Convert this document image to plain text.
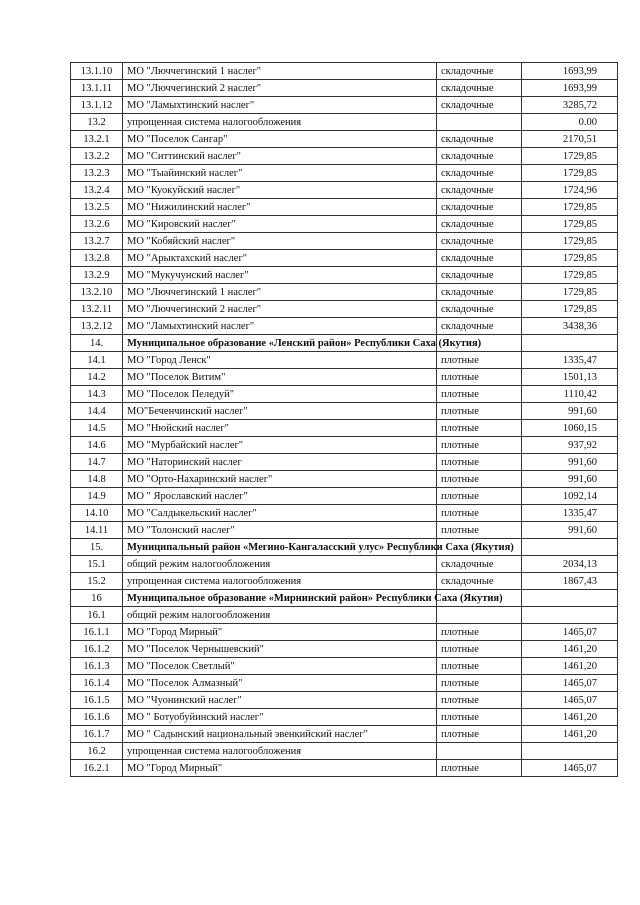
13.1.10	МО "Люччегинский 1 наслег"	складочные	1693,99
13.1.11	МО "Люччегинский 2 наслег"	складочные	1693,99
13.1.12	МО "Ламыхтинский наслег"	складочные	3285,72
13.2	упрощенная система налогообложения		0.00
13.2.1	МО "Поселок Сангар"	складочные	2170,51
13.2.2	МО "Ситтинский наслег"	складочные	1729,85
13.2.3	МО "Тыайинский наслег"	складочные	1729,85
13.2.4	МО "Куокуйский наслег"	складочные	1724,96
13.2.5	МО "Нижилинский наслег"	складочные	1729,85
13.2.6	МО "Кировский наслег"	складочные	1729,85
13.2.7	МО "Кобяйский наслег"	складочные	1729,85
13.2.8	МО "Арыктахский наслег"	складочные	1729,85
13.2.9	МО "Мукучунский наслег"	складочные	1729,85
13.2.10	МО "Люччегинский 1 наслег"	складочные	1729,85
13.2.11	МО "Люччегинский 2 наслег"	складочные	1729,85
13.2.12	МО "Ламыхтинский наслег"	складочные	3438,36
14.	Муниципальное образование «Ленский район» Республики Саха (Якутия)		
14.1	МО "Город Ленск"	плотные	1335,47
14.2	МО "Поселок Витим"	плотные	1501,13
14.3	МО "Поселок Пеледуй"	плотные	1110,42
14.4	МО"Беченчинский наслег"	плотные	991,60
14.5	МО "Нюйский наслег"	плотные	1060,15
14.6	МО "Мурбайский наслег"	плотные	937,92
14.7	МО "Наторинский наслег	плотные	991,60
14.8	МО "Орто-Нахаринский наслег"	плотные	991,60
14.9	МО " Ярославский наслег"	плотные	1092,14
14.10	МО "Салдыкельский наслег"	плотные	1335,47
14.11	МО "Толонский наслег"	плотные	991,60
15.	Муниципальный район «Мегино-Кангаласский улус» Республики Саха (Якутия)		
15.1	общий режим налогообложения	складочные	2034,13
15.2	упрощенная система налогообложения	складочные	1867,43
16	Муниципальное образование «Мирнинский район» Республики Саха (Якутия)		
16.1	общий режим налогообложения		
16.1.1	МО "Город Мирный"	плотные	1465,07
16.1.2	МО "Поселок Чернышевский"	плотные	1461,20
16.1.3	МО "Поселок Светлый"	плотные	1461,20
16.1.4	МО "Поселок Алмазный"	плотные	1465,07
16.1.5	МО "Чуонинский наслег"	плотные	1465,07
16.1.6	МО " Ботуобуйинский наслег"	плотные	1461,20
16.1.7	МО " Садынский национальный эвенкийский наслег"	плотные	1461,20
16.2	упрощенная система налогообложения		
16.2.1	МО "Город Мирный"	плотные	1465,07
